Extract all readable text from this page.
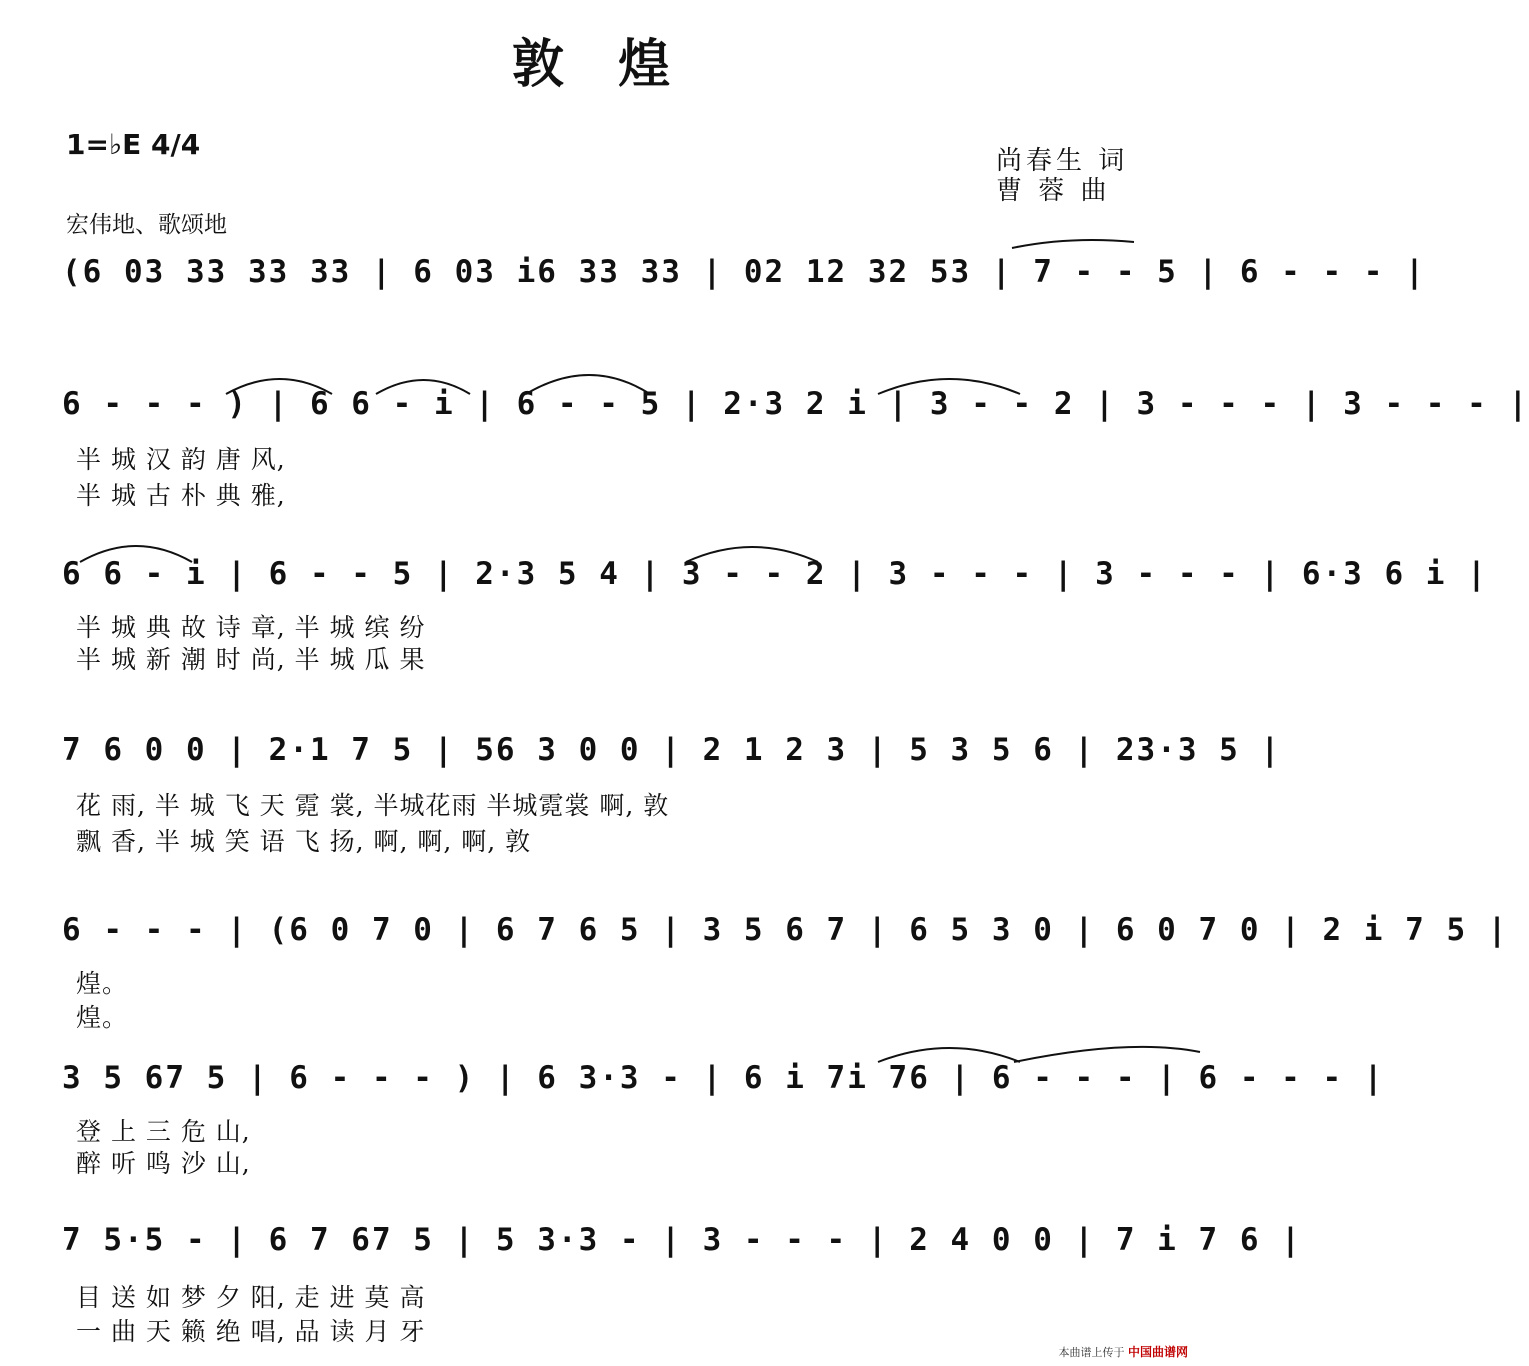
敦 煌
1=♭E 4/4	尚春生 词
曹 蓉 曲
宏伟地、歌颂地
(6 03 33 33 33 | 6 03 i6 33 33 | 02 12 32 53 | 7 - - 5 | 6 - - - |
6 - - - ) | 6 6 - i | 6 - - 5 | 2·3 2 i | 3 - - 2 | 3 - - - | 3 - - - |
半 城 汉 韵 唐 风,
半 城 古 朴 典 雅,
6 6 - i | 6 - - 5 | 2·3 5 4 | 3 - - 2 | 3 - - - | 3 - - - | 6·3 6 i |
半 城 典 故 诗 章, 半 城 缤 纷
半 城 新 潮 时 尚, 半 城 瓜 果
7 6 0 0 | 2·1 7 5 | 56 3 0 0 | 2 1 2 3 | 5 3 5 6 | 23·3 5 |
花 雨, 半 城 飞 天 霓 裳, 半城花雨 半城霓裳 啊, 敦
飘 香, 半 城 笑 语 飞 扬, 啊, 啊, 啊, 敦
6 - - - | (6 0 7 0 | 6 7 6 5 | 3 5 6 7 | 6 5 3 0 | 6 0 7 0 | 2 i 7 5 |
煌。
煌。
3 5 67 5 | 6 - - - ) | 6 3·3 - | 6 i 7i 76 | 6 - - - | 6 - - - |
登 上 三 危 山,
醉 听 鸣 沙 山,
7 5·5 - | 6 7 67 5 | 5 3·3 - | 3 - - - | 2 4 0 0 | 7 i 7 6 |
目 送 如 梦 夕 阳, 走 进 莫 高
一 曲 天 籁 绝 唱, 品 读 月 牙
本曲谱上传于 中国曲谱网
